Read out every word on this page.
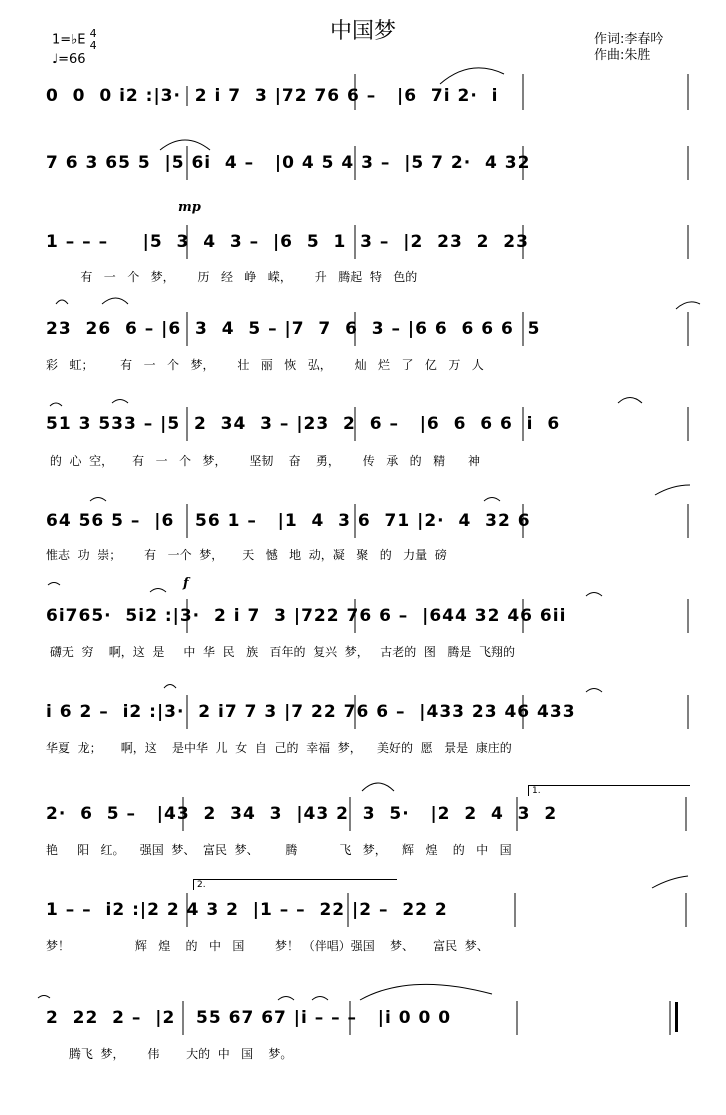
中国梦
1=♭E 4
4
♩=66
作词:李春吟
作曲:朱胜
0  0  0 i2 :|3·  2 i 7  3 |72 76 6 –   |6  7i 2·  i
7 6 3 65 5  |5 6i  4 –   |0 4 5 4 3 –  |5 7 2·  4 32
mp
1 – – –     |5  3  4  3 –  |6  5  1  3 –  |2  23  2  23
有   一   个   梦，      历   经   峥   嵘，      升   腾起  特   色的
23  26  6 – |6  3  4  5 – |7  7  6  3 – |6 6  6 6 6  5
彩   虹；       有   一   个   梦，      壮   丽   恢   弘，      灿   烂   了   亿   万   人
51 3 533 – |5  2  34  3 – |23  2  6 –   |6  6  6 6  i  6
的  心  空，     有   一   个   梦，      坚韧    奋    勇，      传   承   的   精      神
64 56 5 –  |6   56 1 –   |1  4  3 6  71 |2·  4  32 6
惟志  功  崇；      有   一个  梦，     天   憾   地  动，凝   聚   的   力量  磅
f
6i765·  5i2 :|3·  2 i 7  3 |722 76 6 –  |644 32 46 6ii
礴无  穷    啊，这  是     中  华  民   族   百年的  复兴  梦，   古老的  图   腾是  飞翔的
i 6 2 –  i2 :|3·  2 i7 7 3 |7 22 76 6 –  |433 23 46 433
华夏  龙；     啊，这    是中华  儿  女  自  己的  幸福  梦，    美好的  愿   景是  康庄的
1.
2·  6  5 –   |43  2  34  3  |43 2  3  5·   |2  2  4  3  2
艳     阳   红。    强国  梦、  富民  梦、       腾           飞   梦，    辉   煌    的   中   国
2.
1 – –  i2 :|2 2 4 3 2  |1 – –  22 |2 –  22 2
梦！                 辉   煌    的   中   国        梦！ （伴唱）强国    梦、     富民  梦、
2  22  2 –  |2   55 67 67 |i – – –   |i 0 0 0
腾飞  梦，      伟       大的  中   国    梦。
